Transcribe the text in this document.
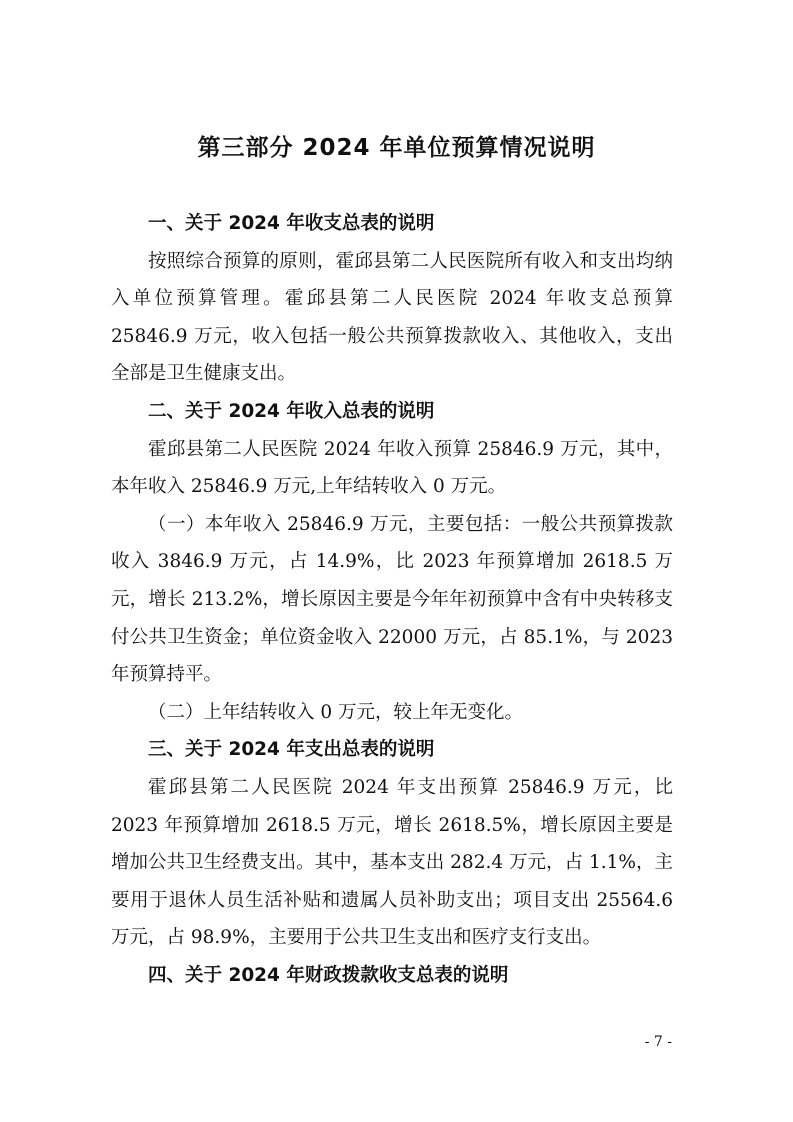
第三部分 2024 年单位预算情况说明

一、关于 2024 年收支总表的说明

按照综合预算的原则，霍邱县第二人民医院所有收入和支出均纳入单位预算管理。霍邱县第二人民医院 2024 年收支总预算 25846.9 万元，收入包括一般公共预算拨款收入、其他收入，支出全部是卫生健康支出。

二、关于 2024 年收入总表的说明

霍邱县第二人民医院 2024 年收入预算 25846.9 万元，其中，本年收入 25846.9 万元,上年结转收入 0 万元。

（一）本年收入 25846.9 万元，主要包括：一般公共预算拨款收入 3846.9 万元，占 14.9%，比 2023 年预算增加 2618.5 万元，增长 213.2%，增长原因主要是今年年初预算中含有中央转移支付公共卫生资金；单位资金收入 22000 万元，占 85.1%，与 2023 年预算持平。

（二）上年结转收入 0 万元，较上年无变化。

三、关于 2024 年支出总表的说明

霍邱县第二人民医院 2024 年支出预算 25846.9 万元，比 2023 年预算增加 2618.5 万元，增长 2618.5%，增长原因主要是增加公共卫生经费支出。其中，基本支出 282.4 万元，占 1.1%，主要用于退休人员生活补贴和遗属人员补助支出；项目支出 25564.6 万元，占 98.9%，主要用于公共卫生支出和医疗支行支出。

四、关于 2024 年财政拨款收支总表的说明

- 7 -
